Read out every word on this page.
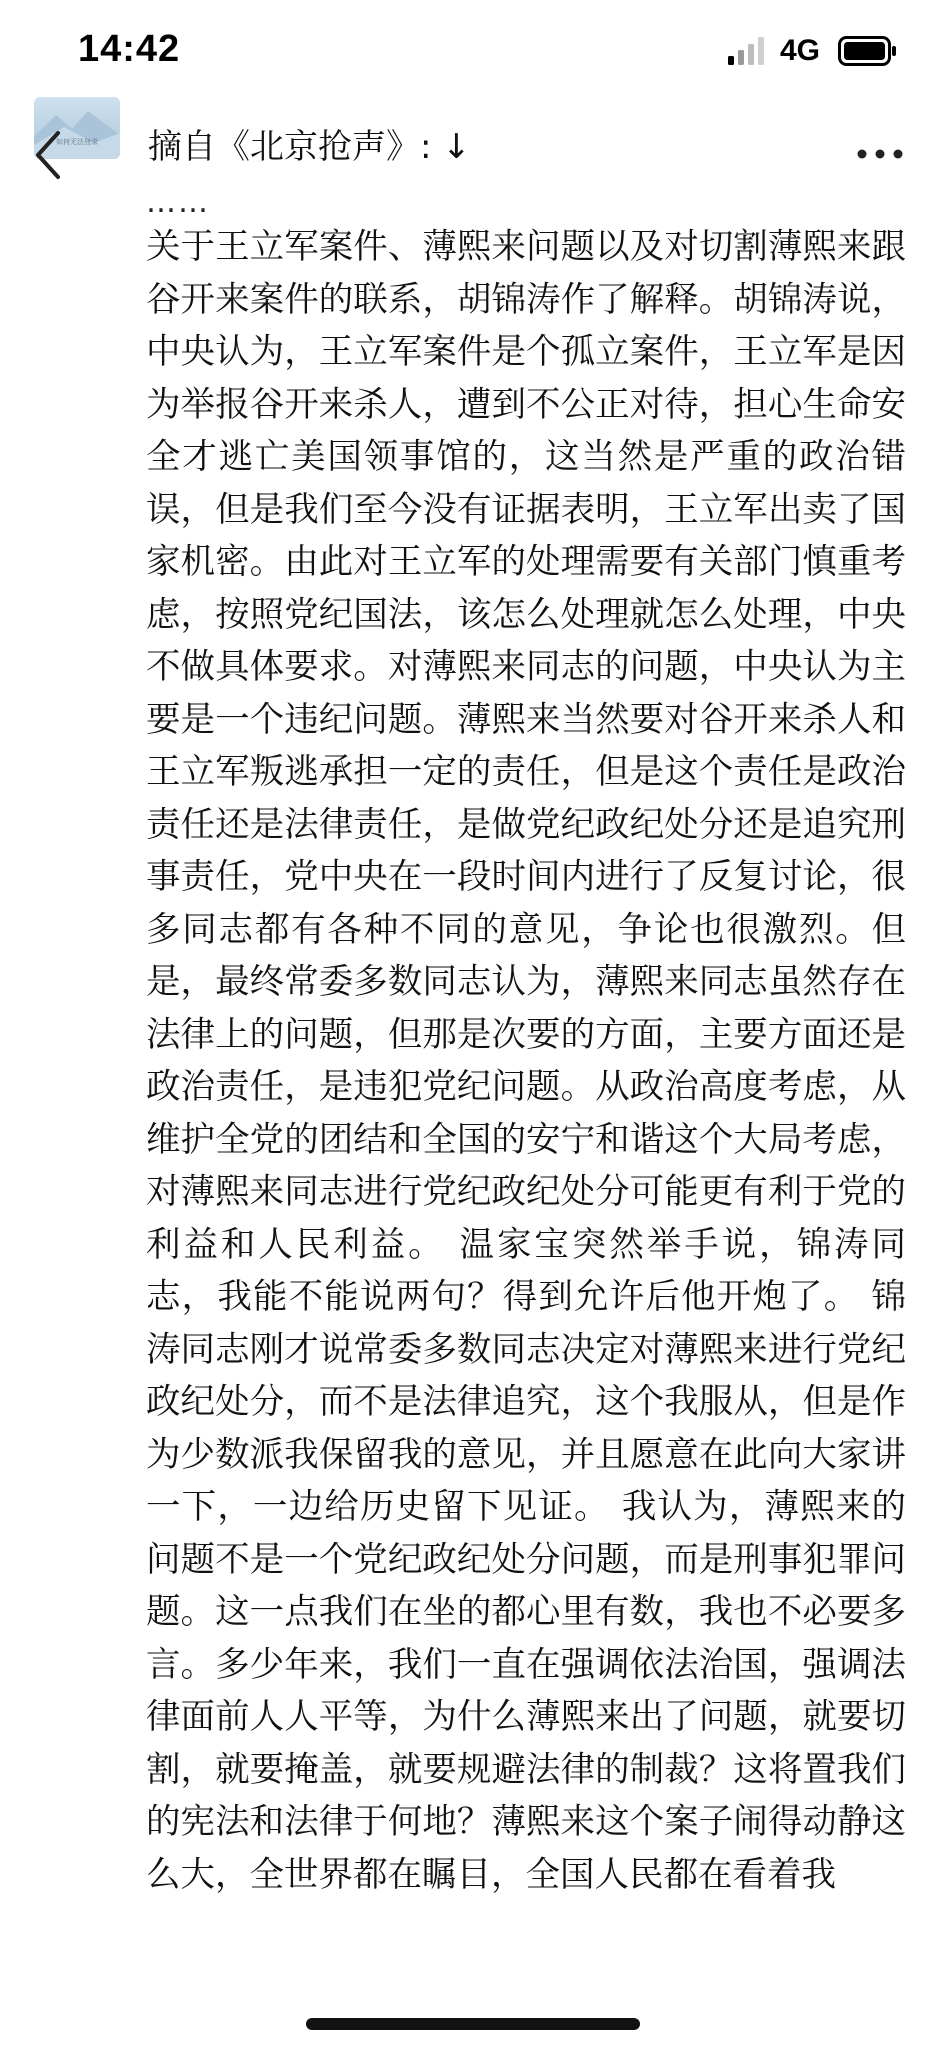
14:42	4G
如何无法登录	摘自《北京抢声》: ↓
……

关于王立军案件、薄熙来问题以及对切割薄熙来跟谷开来案件的联系，胡锦涛作了解释。胡锦涛说，中央认为，王立军案件是个孤立案件，王立军是因为举报谷开来杀人，遭到不公正对待，担心生命安全才逃亡美国领事馆的，这当然是严重的政治错误，但是我们至今没有证据表明，王立军出卖了国家机密。由此对王立军的处理需要有关部门慎重考虑，按照党纪国法，该怎么处理就怎么处理，中央不做具体要求。对薄熙来同志的问题，中央认为主要是一个违纪问题。薄熙来当然要对谷开来杀人和王立军叛逃承担一定的责任，但是这个责任是政治责任还是法律责任，是做党纪政纪处分还是追究刑事责任，党中央在一段时间内进行了反复讨论，很多同志都有各种不同的意见，争论也很激烈。但是，最终常委多数同志认为，薄熙来同志虽然存在法律上的问题，但那是次要的方面，主要方面还是政治责任，是违犯党纪问题。从政治高度考虑，从维护全党的团结和全国的安宁和谐这个大局考虑，对薄熙来同志进行党纪政纪处分可能更有利于党的利益和人民利益。 温家宝突然举手说，锦涛同志，我能不能说两句？得到允许后他开炮了。 锦涛同志刚才说常委多数同志决定对薄熙来进行党纪政纪处分，而不是法律追究，这个我服从，但是作为少数派我保留我的意见，并且愿意在此向大家讲一下，一边给历史留下见证。 我认为，薄熙来的问题不是一个党纪政纪处分问题，而是刑事犯罪问题。这一点我们在坐的都心里有数，我也不必要多言。多少年来，我们一直在强调依法治国，强调法律面前人人平等，为什么薄熙来出了问题，就要切割，就要掩盖，就要规避法律的制裁？这将置我们的宪法和法律于何地？薄熙来这个案子闹得动静这么大，全世界都在瞩目，全国人民都在看着我
